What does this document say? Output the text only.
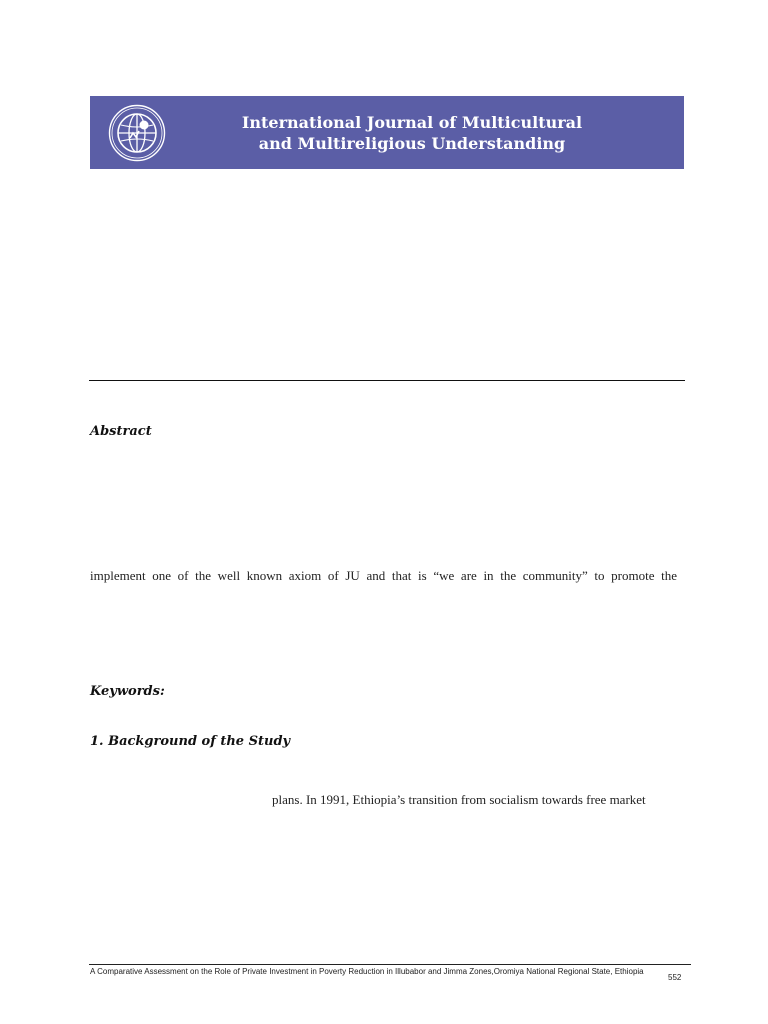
International Journal of Multicultural
and Multireligious Understanding
Abstract
implement one of the well known axiom of JU and that is “we are in the community” to promote the
Keywords:
1. Background of the Study
plans. In 1991, Ethiopia’s transition from socialism towards free market
A Comparative Assessment on the Role of Private Investment in Poverty Reduction in Illubabor and Jimma Zones,Oromiya National Regional State, Ethiopia
552
